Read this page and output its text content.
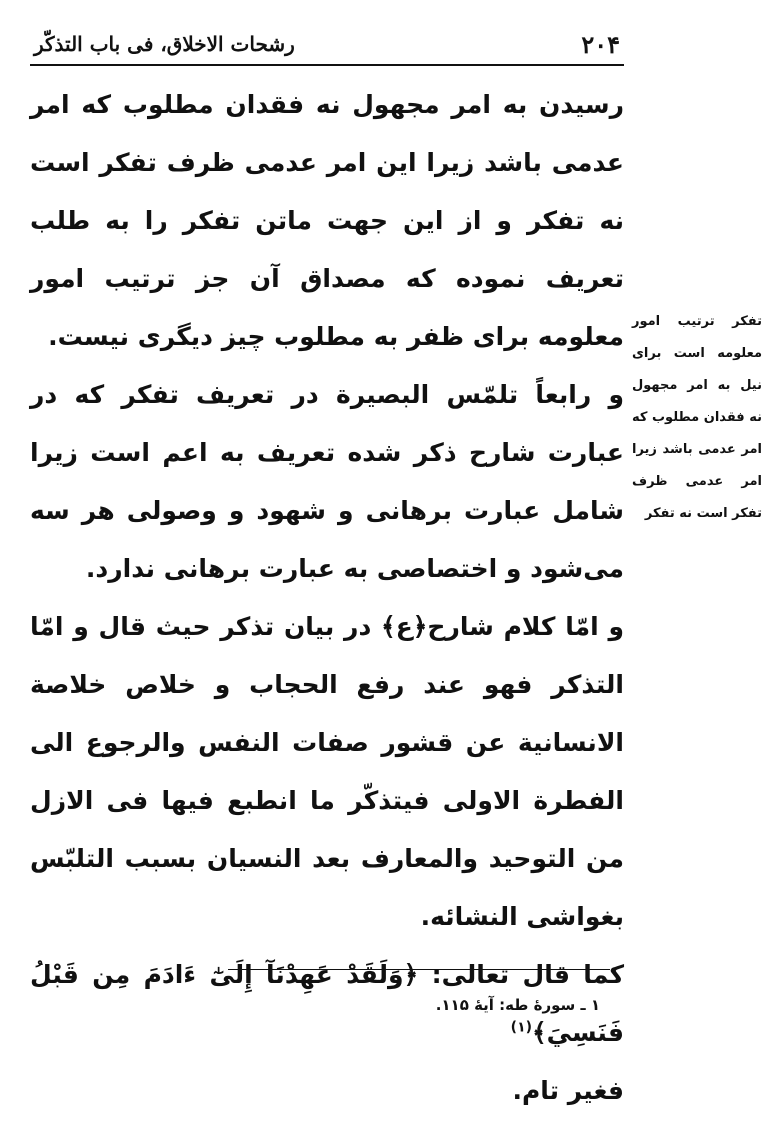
۲۰۴
رشحات الاخلاق، فی باب التذکّر

رسیدن به امر مجهول نه فقدان مطلوب که امر عدمی باشد زیرا این امر عدمی ظرف تفکر است نه تفکر و از این جهت ماتن تفکر را به طلب تعریف نموده که مصداق آن جز ترتیب امور معلومه برای ظفر به مطلوب چیز دیگری نیست.

و رابعاً تلمّس البصیرة در تعریف تفکر که در عبارت شارح ذکر شده تعریف به اعم است زیرا شامل عبارت برهانی و شهود و وصولی هر سه می‌شود و اختصاصی به عبارت برهانی ندارد.

و امّا کلام شارح﴿ع﴾ در بیان تذکر حیث قال و امّا التذکر فهو عند رفع الحجاب و خلاص خلاصة الانسانیة عن قشور صفات النفس والرجوع الی الفطرة الاولی فیتذکّر ما انطبع فیها فی الازل من التوحید والمعارف بعد النسیان بسبب التلبّس بغواشی النشائه.

کما قال تعالی: ﴿وَلَقَدْ عَهِدْنَآ إِلَىٰٓ ءَادَمَ مِن قَبْلُ فَنَسِيَ﴾$^{(۱)}$

فغیر تام.

تفکر ترتیب امور معلومه است برای نیل به امر مجهول نه فقدان مطلوب که امر عدمی باشد زیرا امر عدمی ظرف تفکر است نه تفکر
۱ ـ سورهٔ طه: آیهٔ ۱۱۵.
